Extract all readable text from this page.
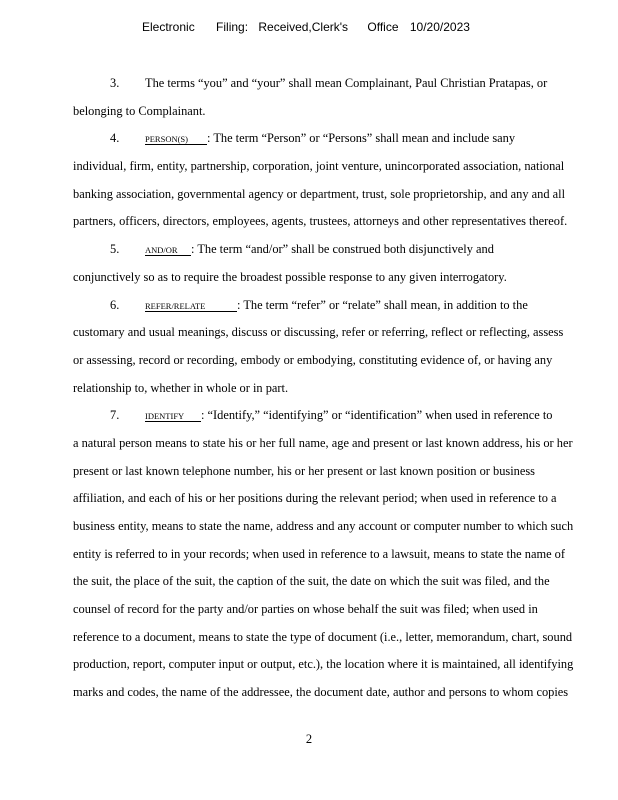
Electronic Filing: Received,Clerk's Office 10/20/2023
3. The terms “you” and “your” shall mean Complainant, Paul Christian Pratapas, or
belonging to Complainant.
4.	PERSON(S) : The term “Person” or “Persons” shall mean and include sany
individual, firm, entity, partnership, corporation, joint venture, unincorporated association, national
banking association, governmental agency or department, trust, sole proprietorship, and any and all
partners, officers, directors, employees, agents, trustees, attorneys and other representatives thereof.
5.	AND/OR : The term “and/or” shall be construed both disjunctively and
conjunctively so as to require the broadest possible response to any given interrogatory.
6.	REFER/RELATE	: The term “refer” or “relate” shall mean, in addition to the
customary and usual meanings, discuss or discussing, refer or referring, reflect or reflecting, assess
or assessing, record or recording, embody or embodying, constituting evidence of, or having any
relationship to, whether in whole or in part.
7.	IDENTIFY : “Identify,” “identifying” or “identification” when used in reference to
a natural person means to state his or her full name, age and present or last known address, his or her
present or last known telephone number, his or her present or last known position or business
affiliation, and each of his or her positions during the relevant period; when used in reference to a
business entity, means to state the name, address and any account or computer number to which such
entity is referred to in your records; when used in reference to a lawsuit, means to state the name of
the suit, the place of the suit, the caption of the suit, the date on which the suit was filed, and the
counsel of record for the party and/or parties on whose behalf the suit was filed; when used in
reference to a document, means to state the type of document (i.e., letter, memorandum, chart, sound
production, report, computer input or output, etc.), the location where it is maintained, all identifying
marks and codes, the name of the addressee, the document date, author and persons to whom copies
2
